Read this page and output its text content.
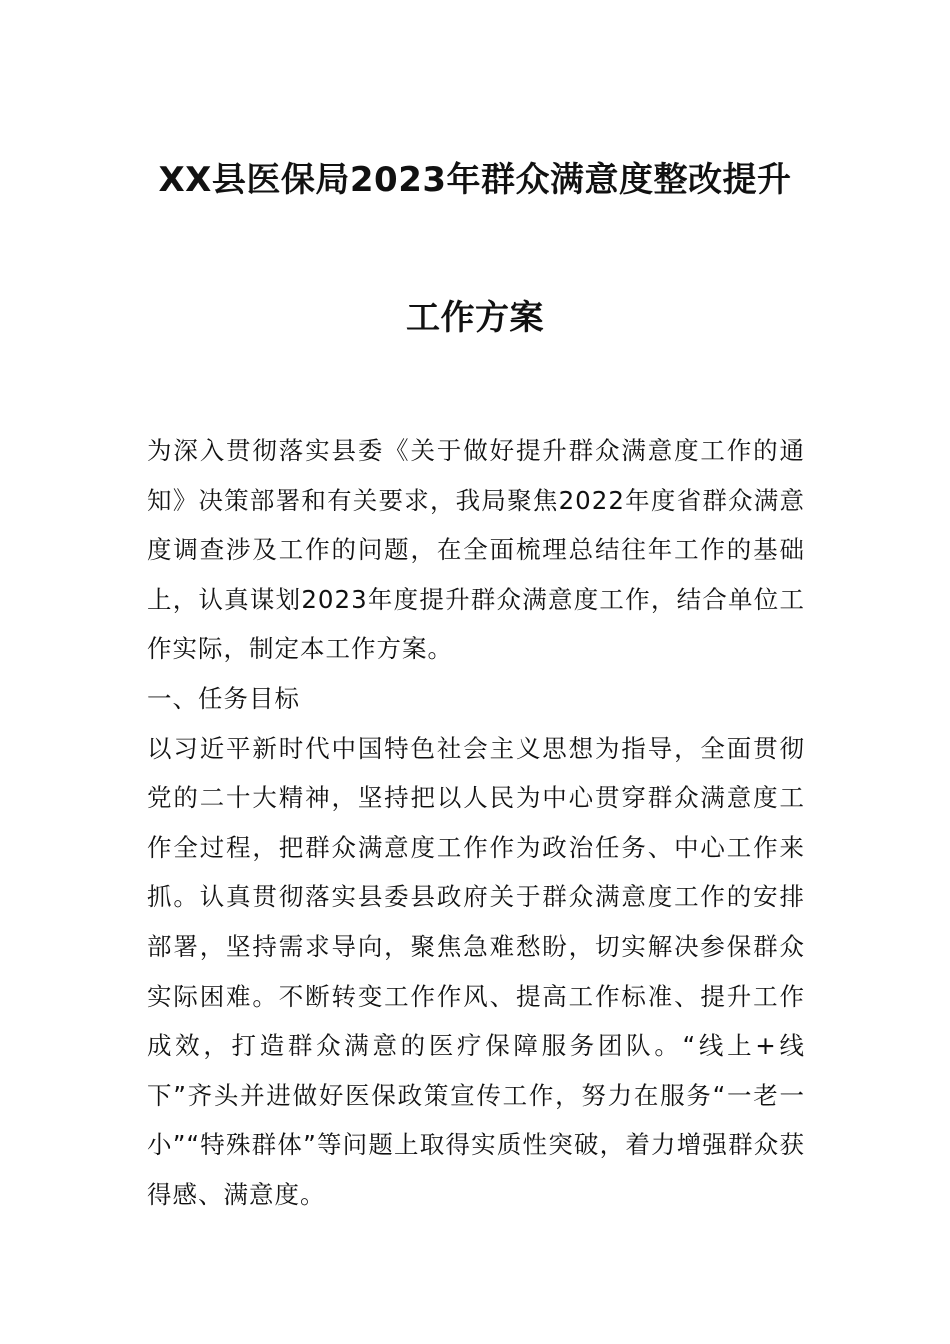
XX县医保局2023年群众满意度整改提升
工作方案

为深入贯彻落实县委《关于做好提升群众满意度工作的通知》决策部署和有关要求，我局聚焦2022年度省群众满意度调查涉及工作的问题，在全面梳理总结往年工作的基础上，认真谋划2023年度提升群众满意度工作，结合单位工作实际，制定本工作方案。

一、任务目标

以习近平新时代中国特色社会主义思想为指导，全面贯彻党的二十大精神，坚持把以人民为中心贯穿群众满意度工作全过程，把群众满意度工作作为政治任务、中心工作来抓。认真贯彻落实县委县政府关于群众满意度工作的安排部署，坚持需求导向，聚焦急难愁盼，切实解决参保群众实际困难。不断转变工作作风、提高工作标准、提升工作成效，打造群众满意的医疗保障服务团队。“线上+线下”齐头并进做好医保政策宣传工作，努力在服务“一老一小”“特殊群体”等问题上取得实质性突破，着力增强群众获得感、满意度。
